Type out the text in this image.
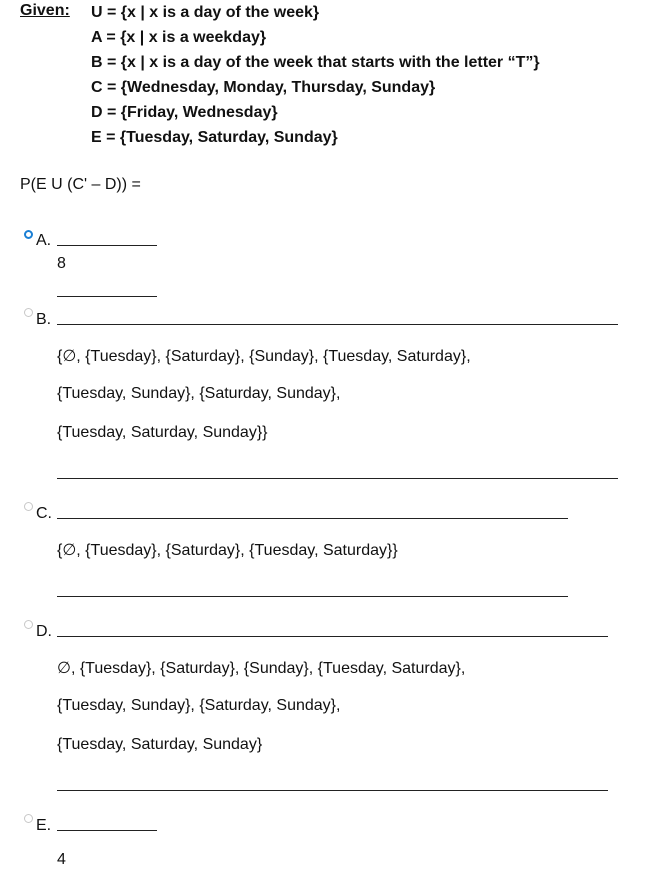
Given: U = {x | x is a day of the week}
A = {x | x is a weekday}
B = {x | x is a day of the week that starts with the letter “T”}
C = {Wednesday, Monday, Thursday, Sunday}
D = {Friday, Wednesday}
E = {Tuesday, Saturday, Sunday}
P(E U (C' – D)) =
A.
8
B.
{∅, {Tuesday}, {Saturday}, {Sunday}, {Tuesday, Saturday},
{Tuesday, Sunday}, {Saturday, Sunday},
{Tuesday, Saturday, Sunday}}
C.
{∅, {Tuesday}, {Saturday}, {Tuesday, Saturday}}
D.
∅, {Tuesday}, {Saturday}, {Sunday}, {Tuesday, Saturday},
{Tuesday, Sunday}, {Saturday, Sunday},
{Tuesday, Saturday, Sunday}
E.
4
